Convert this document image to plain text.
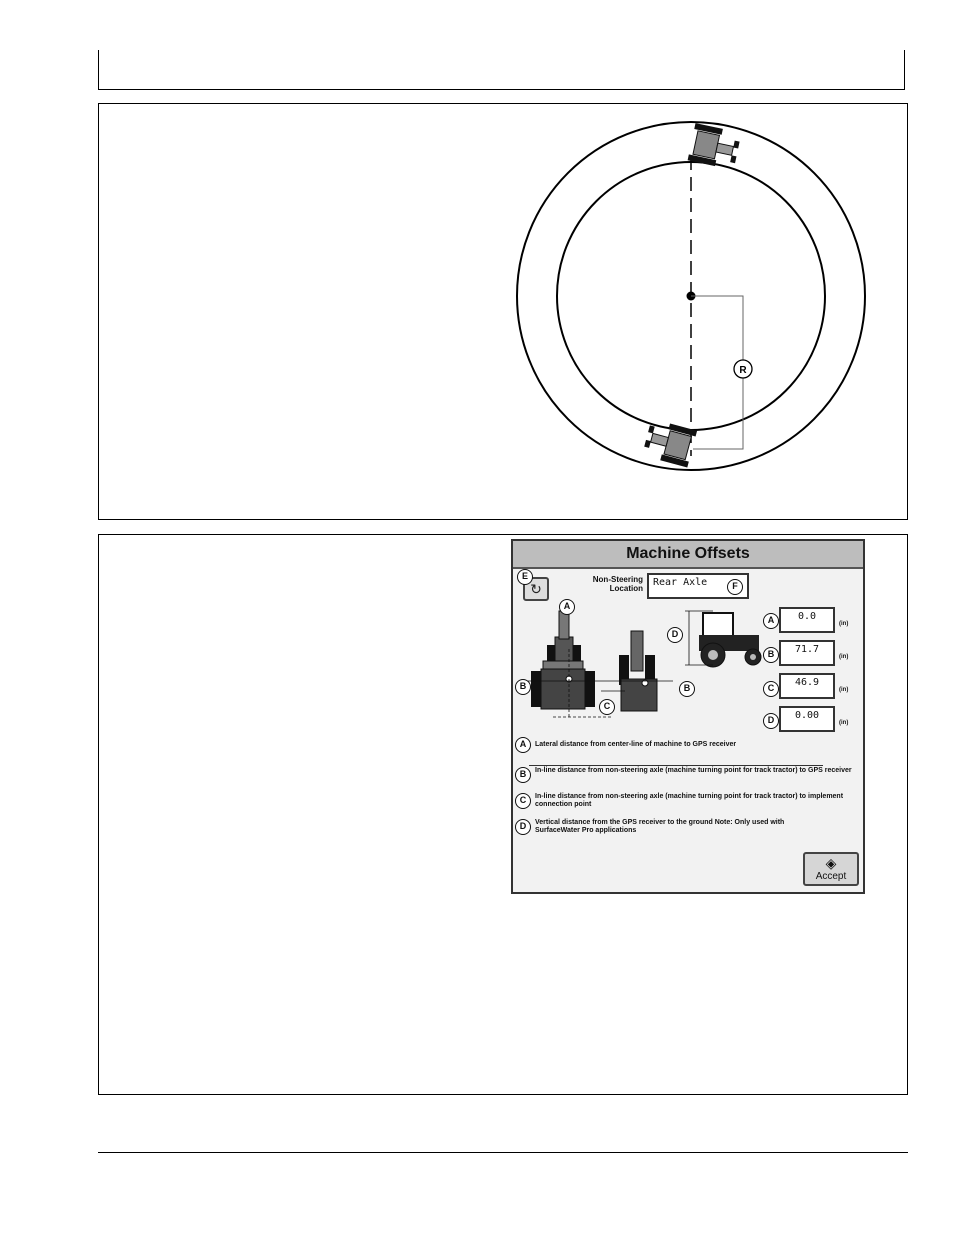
R
Machine Offsets
↻
E	Non-Steering Location
Rear Axle	F
A
B
C
B
D
A	0.0
(in)
B	71.7
(in)
C	46.9
(in)
D	0.00
(in)
A	Lateral distance from center-line of machine to GPS receiver
B	In-line distance from non-steering axle (machine turning point for track tractor) to GPS receiver
C	In-line distance from non-steering axle (machine turning point for track tractor) to implement connection point
D	Vertical distance from the GPS receiver to the ground Note: Only used with SurfaceWater Pro applications
◈
Accept
